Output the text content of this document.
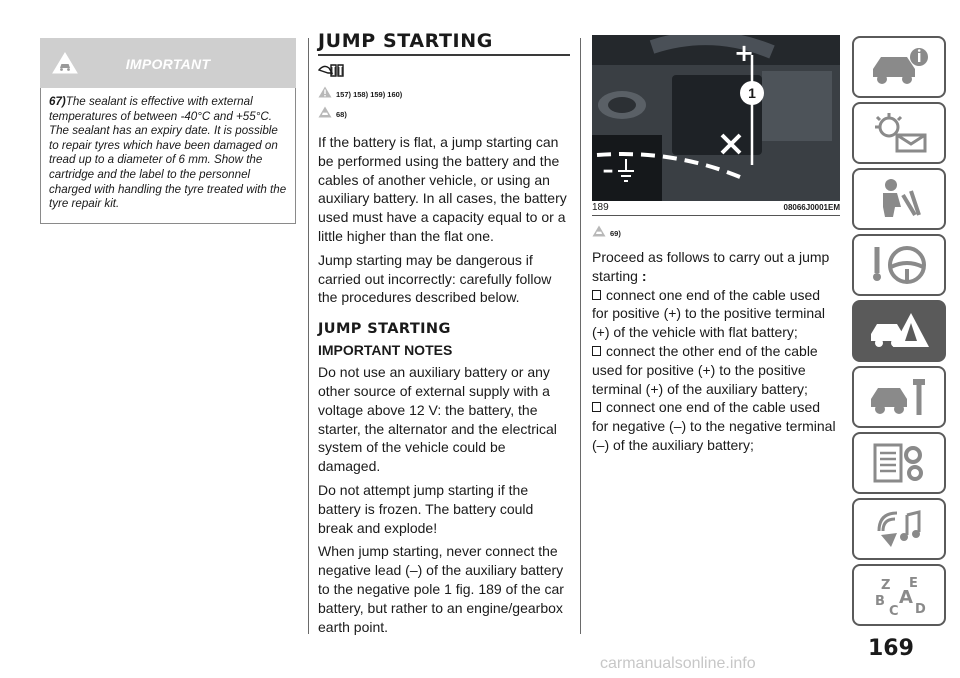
IMPORTANT

67)The sealant is effective with external temperatures of between -40°C and +55°C. The sealant has an expiry date. It is possible to repair tyres which have been damaged on tread up to a diameter of 6 mm. Show the cartridge and the label to the personnel charged with handling the tyre treated with the tyre repair kit.

JUMP STARTING
157) 158) 159) 160)
68)

If the battery is flat, a jump starting can be performed using the battery and the cables of another vehicle, or using an auxiliary battery. In all cases, the battery used must have a capacity equal to or a little higher than the flat one.

Jump starting may be dangerous if carried out incorrectly: carefully follow the procedures described below.

JUMP STARTING
IMPORTANT NOTES

Do not use an auxiliary battery or any other source of external supply with a voltage above 12 V: the battery, the starter, the alternator and the electrical system of the vehicle could be damaged.

Do not attempt jump starting if the battery is frozen. The battery could break and explode!

When jump starting, never connect the negative lead (–) of the auxiliary battery to the negative pole 1 fig. 189 of the car battery, but rather to an engine/gearbox earth point.

1
+
–
189	08066J0001EM
69)

Proceed as follows to carry out a jump starting :

connect one end of the cable used for positive (+) to the positive terminal (+) of the vehicle with flat battery;

connect the other end of the cable used for positive (+) to the positive terminal (+) of the auxiliary battery;

connect one end of the cable used for negative (–) to the negative terminal (–) of the auxiliary battery;

Z E
A
B
C D
169
carmanualsonline.info
